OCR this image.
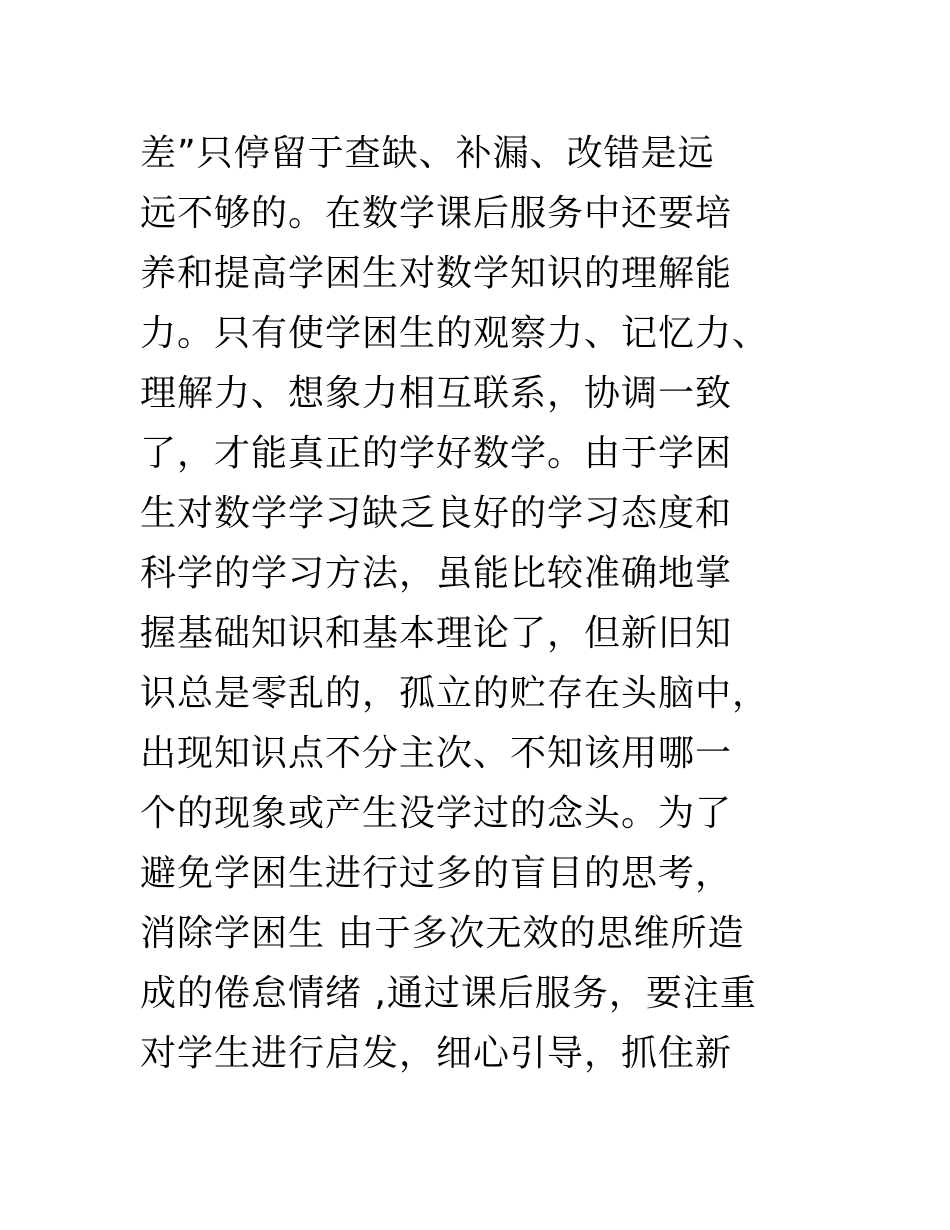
差”只停留于查缺、补漏、改错是远
远不够的。在数学课后服务中还要培
养和提高学困生对数学知识的理解能
力。只有使学困生的观察力、记忆力、
理解力、想象力相互联系，协调一致
了，才能真正的学好数学。由于学困
生对数学学习缺乏良好的学习态度和
科学的学习方法，虽能比较准确地掌
握基础知识和基本理论了，但新旧知
识总是零乱的，孤立的贮存在头脑中，
出现知识点不分主次、不知该用哪一
个的现象或产生没学过的念头。为了
避免学困生进行过多的盲目的思考，
消除学困生 由于多次无效的思维所造
成的倦怠情绪 ,通过课后服务，要注重
对学生进行启发，细心引导，抓住新
